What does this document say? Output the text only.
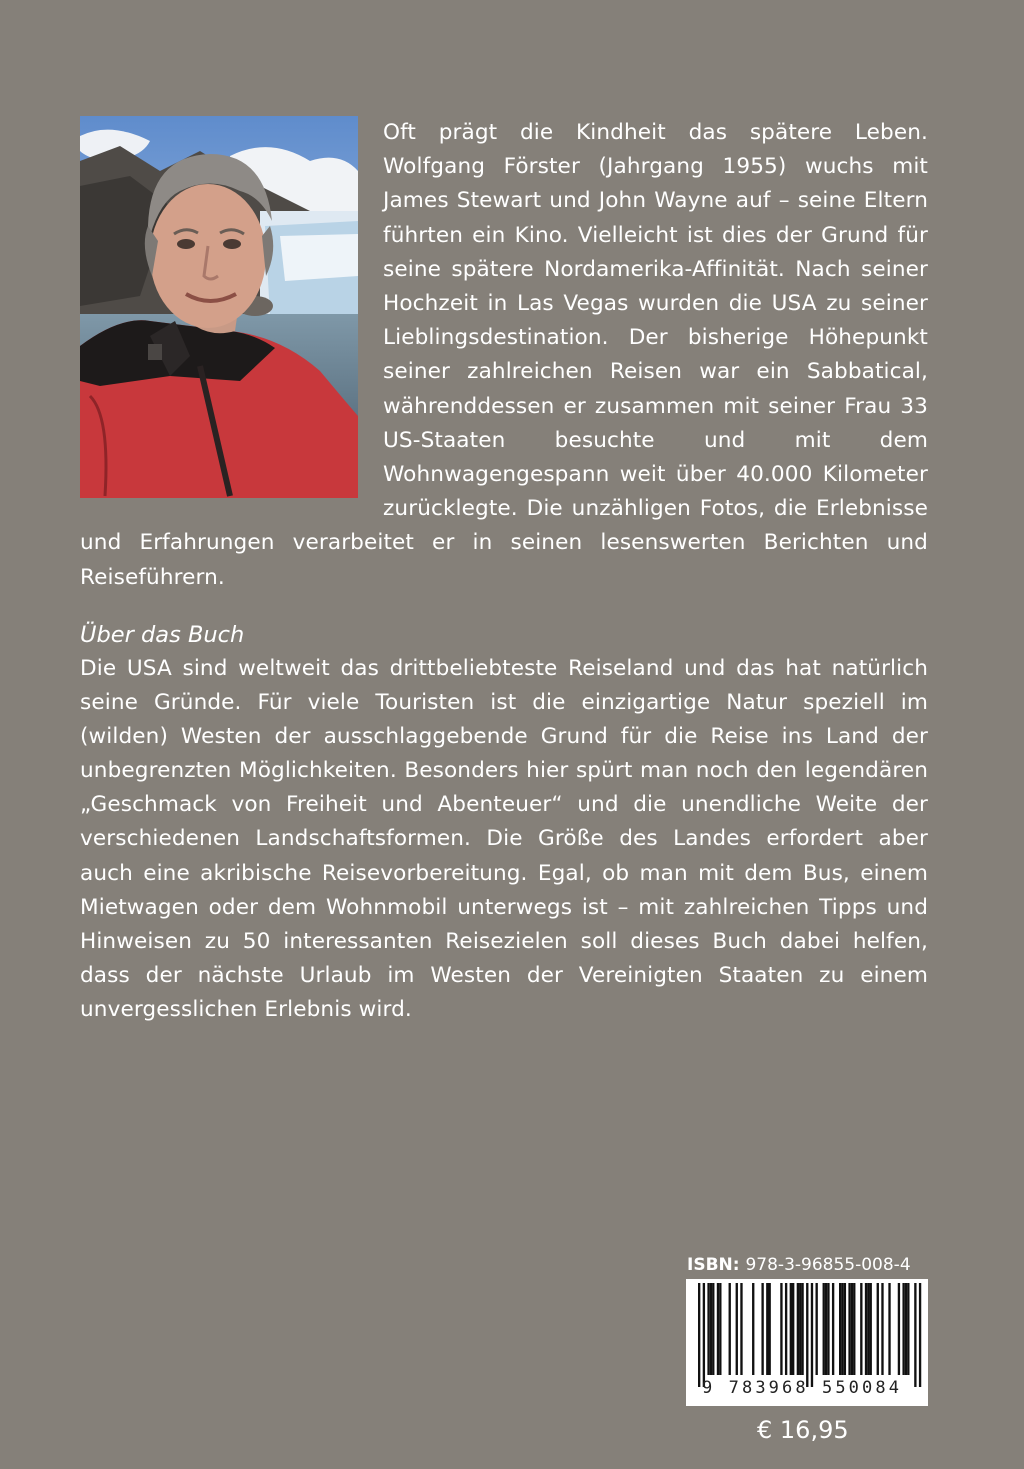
Oft prägt die Kindheit das spätere Leben. Wolfgang Förster (Jahrgang 1955) wuchs mit James Stewart und John Wayne auf – seine Eltern führten ein Kino. Vielleicht ist dies der Grund für seine spätere Nordamerika-Affinität. Nach seiner Hochzeit in Las Vegas wurden die USA zu seiner Lieblingsdestination. Der bisherige Höhepunkt seiner zahlreichen Reisen war ein Sabbatical, währenddessen er zusammen mit seiner Frau 33 US-Staaten besuchte und mit dem Wohnwagengespann weit über 40.000 Kilometer zurücklegte. Die unzähligen Fotos, die Erlebnisse und Erfahrungen verarbeitet er in seinen lesenswerten Berichten und Reiseführern.
Über das Buch
Die USA sind weltweit das drittbeliebteste Reiseland und das hat natürlich seine Gründe. Für viele Touristen ist die einzigartige Natur speziell im (wilden) Westen der ausschlaggebende Grund für die Reise ins Land der unbegrenzten Möglichkeiten. Besonders hier spürt man noch den legendären „Geschmack von Freiheit und Abenteuer“ und die unendliche Weite der verschiedenen Landschaftsformen. Die Größe des Landes erfordert aber auch eine akribische Reisevorbereitung. Egal, ob man mit dem Bus, einem Mietwagen oder dem Wohnmobil unterwegs ist – mit zahlreichen Tipps und Hinweisen zu 50 interessanten Reisezielen soll dieses Buch dabei helfen, dass der nächste Urlaub im Westen der Vereinigten Staaten zu einem unvergesslichen Erlebnis wird.
ISBN: 978-3-96855-008-4
9 783968 550084
€ 16,95
